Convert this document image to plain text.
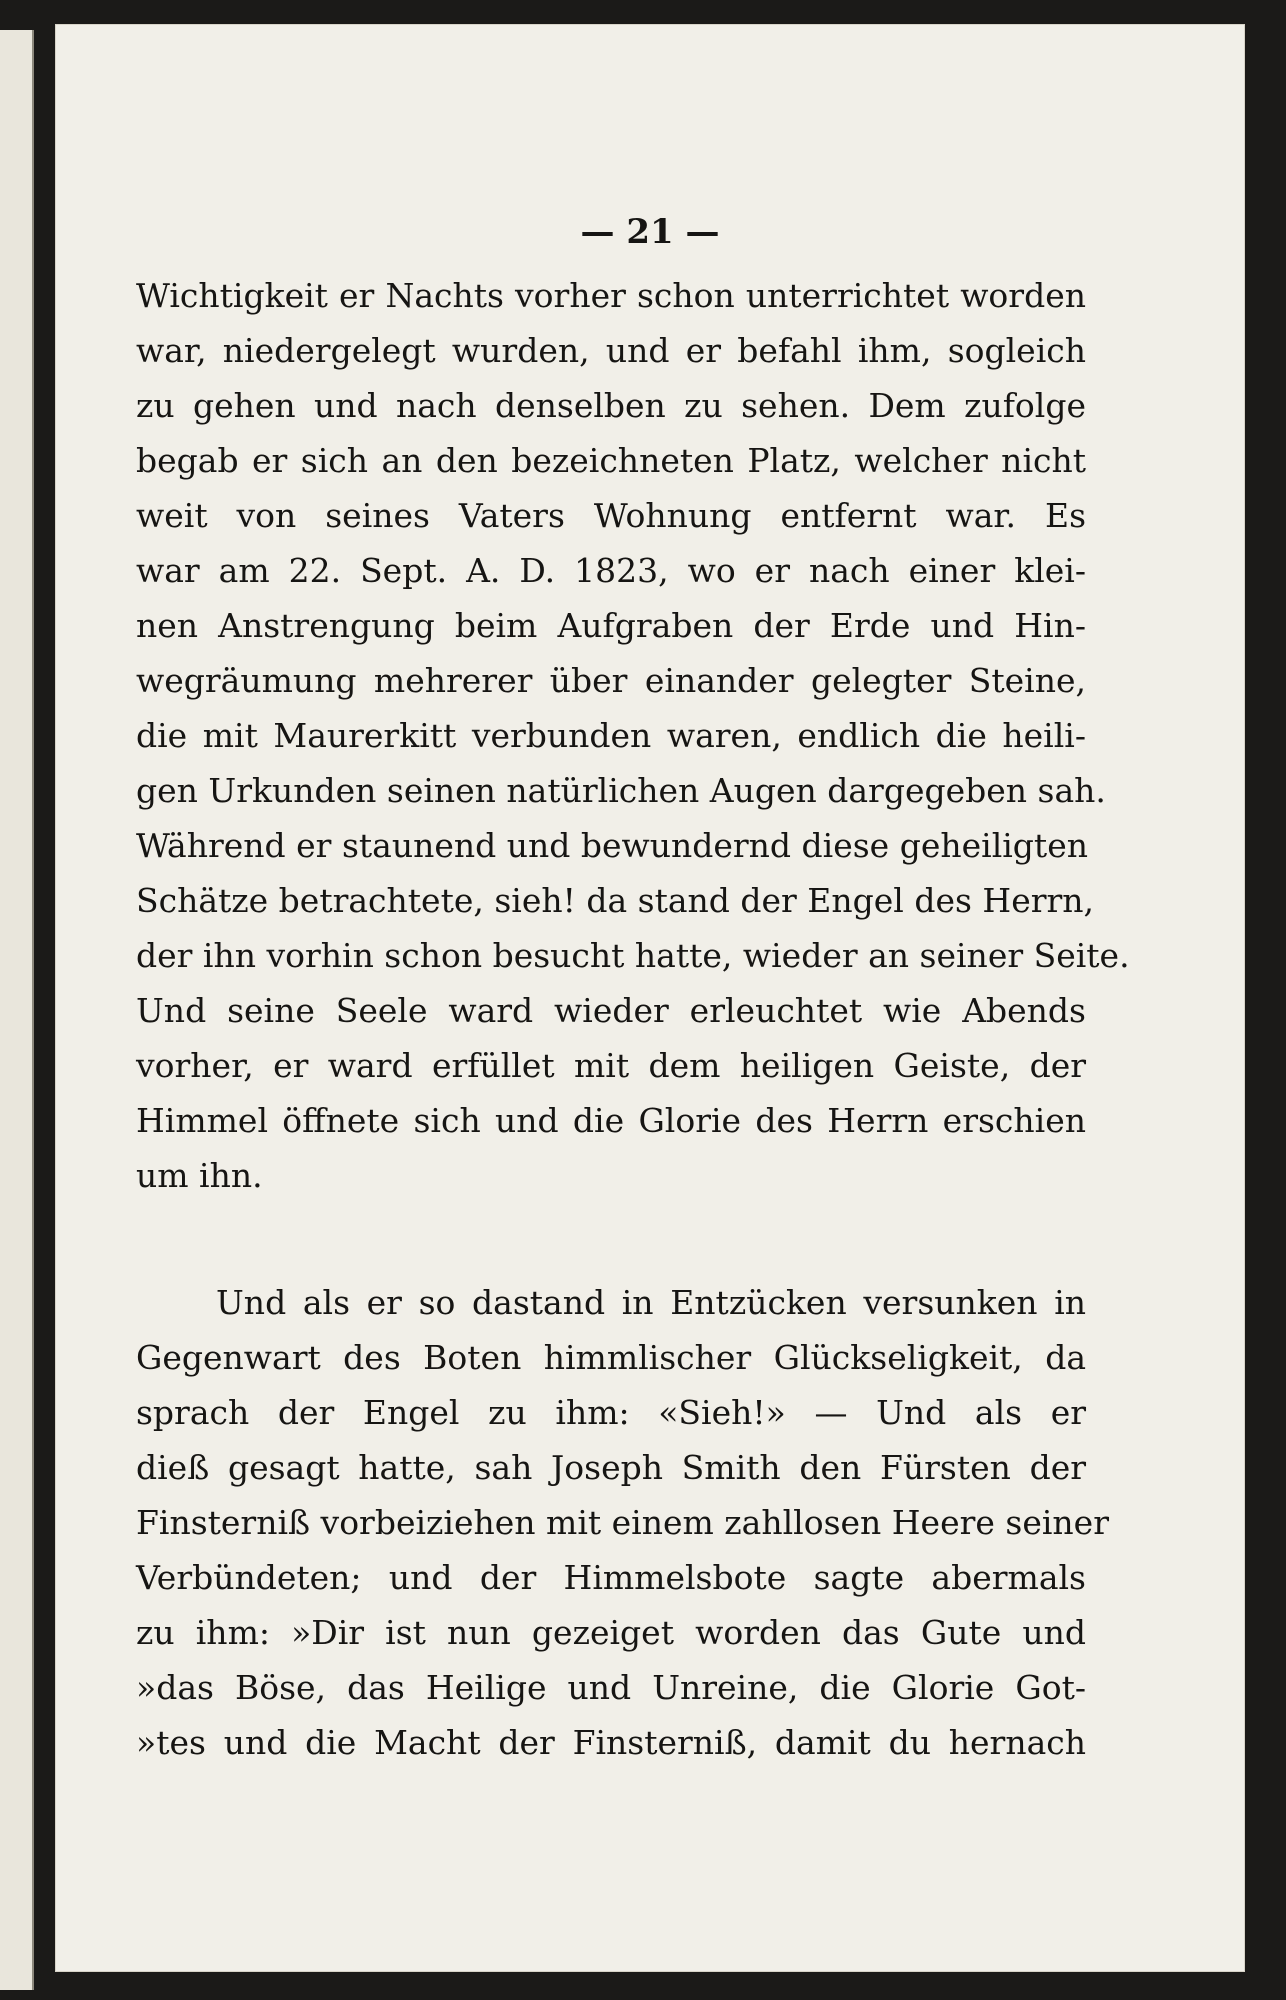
— 21 —
Wichtigkeit er Nachts vorher schon unterrichtet worden
war, niedergelegt wurden, und er befahl ihm, sogleich
zu gehen und nach denselben zu sehen. Dem zufolge
begab er sich an den bezeichneten Platz, welcher nicht
weit von seines Vaters Wohnung entfernt war. Es
war am 22. Sept. A. D. 1823, wo er nach einer klei-
nen Anstrengung beim Aufgraben der Erde und Hin-
wegräumung mehrerer über einander gelegter Steine,
die mit Maurerkitt verbunden waren, endlich die heili-
gen Urkunden seinen natürlichen Augen dargegeben sah.
Während er staunend und bewundernd diese geheiligten
Schätze betrachtete, sieh! da stand der Engel des Herrn,
der ihn vorhin schon besucht hatte, wieder an seiner Seite.
Und seine Seele ward wieder erleuchtet wie Abends
vorher, er ward erfüllet mit dem heiligen Geiste, der
Himmel öffnete sich und die Glorie des Herrn erschien
um ihn.
Und als er so dastand in Entzücken versunken in
Gegenwart des Boten himmlischer Glückseligkeit, da
sprach der Engel zu ihm: «Sieh!» — Und als er
dieß gesagt hatte, sah Joseph Smith den Fürsten der
Finsterniß vorbeiziehen mit einem zahllosen Heere seiner
Verbündeten; und der Himmelsbote sagte abermals
zu ihm: »Dir ist nun gezeiget worden das Gute und
»das Böse, das Heilige und Unreine, die Glorie Got-
»tes und die Macht der Finsterniß, damit du hernach
